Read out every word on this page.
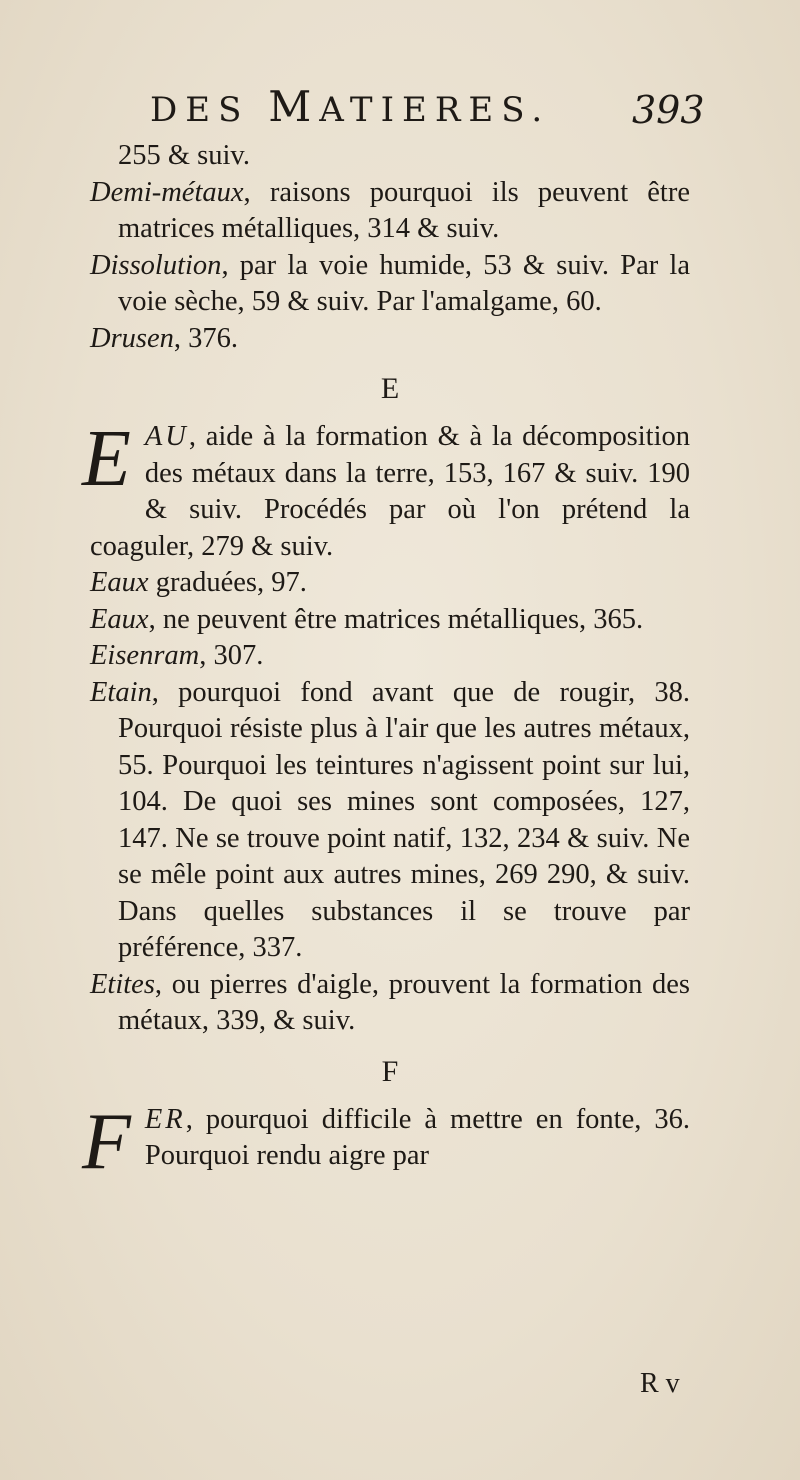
DES MATIERES.	393

255 & suiv.

Demi-métaux, raisons pourquoi ils peuvent être matrices métalliques, 314 & suiv.

Dissolution, par la voie humide, 53 & suiv. Par la voie sèche, 59 & suiv. Par l'amalgame, 60.

Drusen, 376.

E
E AU, aide à la formation & à la décomposition des métaux dans la terre, 153, 167 & suiv. 190 & suiv. Procédés par où l'on prétend la coaguler, 279 & suiv.

Eaux graduées, 97.

Eaux, ne peuvent être matrices métalliques, 365.

Eisenram, 307.

Etain, pourquoi fond avant que de rougir, 38. Pourquoi résiste plus à l'air que les autres métaux, 55. Pourquoi les teintures n'agissent point sur lui, 104. De quoi ses mines sont composées, 127, 147. Ne se trouve point natif, 132, 234 & suiv. Ne se mêle point aux autres mines, 269 290, & suiv. Dans quelles substances il se trouve par préférence, 337.

Etites, ou pierres d'aigle, prouvent la formation des métaux, 339, & suiv.

F
F ER, pourquoi difficile à mettre en fonte, 36. Pourquoi rendu aigre par

R v
